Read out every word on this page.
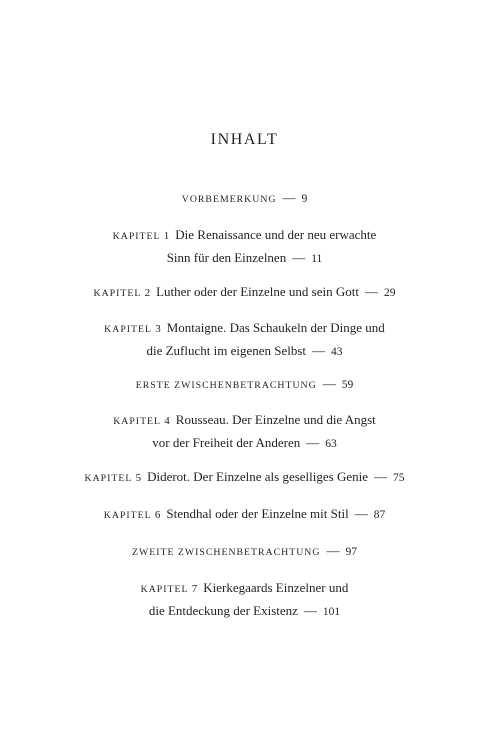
INHALT
VORBEMERKUNG — 9
KAPITEL 1 Die Renaissance und der neu erwachte
Sinn für den Einzelnen — 11
KAPITEL 2 Luther oder der Einzelne und sein Gott — 29
KAPITEL 3 Montaigne. Das Schaukeln der Dinge und
die Zuflucht im eigenen Selbst — 43
ERSTE ZWISCHENBETRACHTUNG — 59
KAPITEL 4 Rousseau. Der Einzelne und die Angst
vor der Freiheit der Anderen — 63
KAPITEL 5 Diderot. Der Einzelne als geselliges Genie — 75
KAPITEL 6 Stendhal oder der Einzelne mit Stil — 87
ZWEITE ZWISCHENBETRACHTUNG — 97
KAPITEL 7 Kierkegaards Einzelner und
die Entdeckung der Existenz — 101
